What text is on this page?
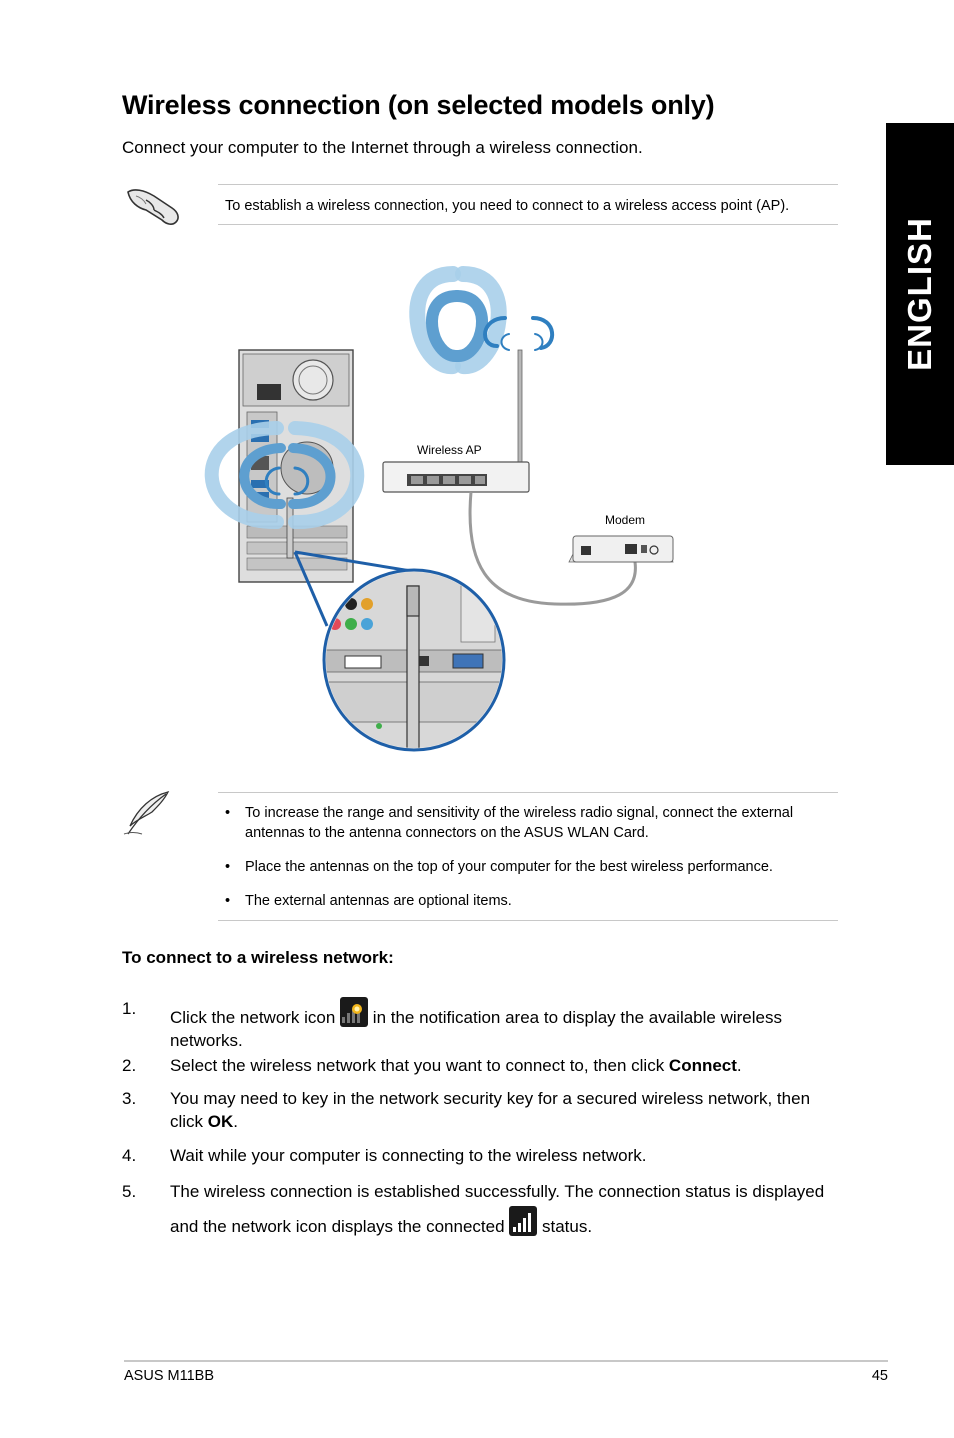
Wireless connection (on selected models only)
Connect your computer to the Internet through a wireless connection.
ENGLISH
To establish a wireless connection, you need to connect to a wireless access point (AP).
Wireless AP
Modem
• To increase the range and sensitivity of the wireless radio signal, connect the external antennas to the antenna connectors on the ASUS WLAN Card.
• Place the antennas on the top of your computer for the best wireless performance.
• The external antennas are optional items.
To connect to a wireless network:
1. Click the network icon  in the notification area to display the available wireless networks.
2. Select the wireless network that you want to connect to, then click Connect.
3. You may need to key in the network security key for a secured wireless network, then click OK.
4. Wait while your computer is connecting to the wireless network.
5. The wireless connection is established successfully. The connection status is displayed and the network icon displays the connected  status.
ASUS M11BB	45
